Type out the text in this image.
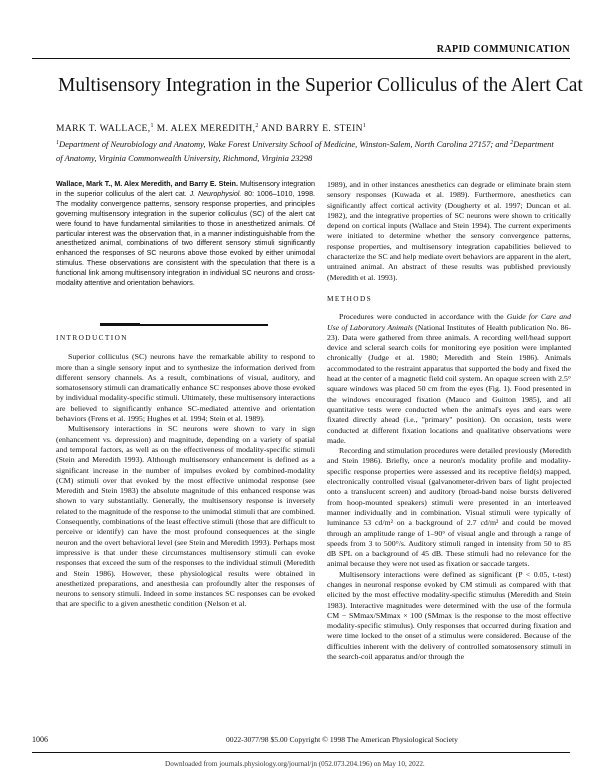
RAPID COMMUNICATION
Multisensory Integration in the Superior Colliculus of the Alert Cat
MARK T. WALLACE,$^1$ M. ALEX MEREDITH,$^2$ AND BARRY E. STEIN$^1$
$^1$Department of Neurobiology and Anatomy, Wake Forest University School of Medicine, Winston-Salem, North Carolina 27157; and $^2$Department of Anatomy, Virginia Commonwealth University, Richmond, Virginia 23298

Wallace, Mark T., M. Alex Meredith, and Barry E. Stein. Multisensory integration in the superior colliculus of the alert cat. J. Neurophysiol. 80: 1006–1010, 1998. The modality convergence patterns, sensory response properties, and principles governing multisensory integration in the superior colliculus (SC) of the alert cat were found to have fundamental similarities to those in anesthetized animals. Of particular interest was the observation that, in a manner indistinguishable from the anesthetized animal, combinations of two different sensory stimuli significantly enhanced the responses of SC neurons above those evoked by either unimodal stimulus. These observations are consistent with the speculation that there is a functional link among multisensory integration in individual SC neurons and cross-modality attentive and orientation behaviors.

INTRODUCTION

Superior colliculus (SC) neurons have the remarkable ability to respond to more than a single sensory input and to synthesize the information derived from different sensory channels. As a result, combinations of visual, auditory, and somatosensory stimuli can dramatically enhance SC responses above those evoked by individual modality-specific stimuli. Ultimately, these multisensory interactions are believed to significantly enhance SC-mediated attentive and orientation behaviors (Frens et al. 1995; Hughes et al. 1994; Stein et al. 1989).

Multisensory interactions in SC neurons were shown to vary in sign (enhancement vs. depression) and magnitude, depending on a variety of spatial and temporal factors, as well as on the effectiveness of modality-specific stimuli (Stein and Meredith 1993). Although multisensory enhancement is defined as a significant increase in the number of impulses evoked by combined-modality (CM) stimuli over that evoked by the most effective unimodal response (see Meredith and Stein 1983) the absolute magnitude of this enhanced response was shown to vary substantially. Generally, the multisensory response is inversely related to the magnitude of the response to the unimodal stimuli that are combined. Consequently, combinations of the least effective stimuli (those that are difficult to perceive or identify) can have the most profound consequences at the single neuron and the overt behavioral level (see Stein and Meredith 1993). Perhaps most impressive is that under these circumstances multisensory stimuli can evoke responses that exceed the sum of the responses to the individual stimuli (Meredith and Stein 1986). However, these physiological results were obtained in anesthetized preparations, and anesthesia can profoundly alter the responses of neurons to sensory stimuli. Indeed in some instances SC responses can be evoked that are specific to a given anesthetic condition (Nelson et al.

1989), and in other instances anesthetics can degrade or eliminate brain stem sensory responses (Kuwada et al. 1989). Furthermore, anesthetics can significantly affect cortical activity (Dougherty et al. 1997; Duncan et al. 1982), and the integrative properties of SC neurons were shown to critically depend on cortical inputs (Wallace and Stein 1994). The current experiments were initiated to determine whether the sensory convergence patterns, response properties, and multisensory integration capabilities believed to characterize the SC and help mediate overt behaviors are apparent in the alert, untrained animal. An abstract of these results was published previously (Meredith et al. 1993).

METHODS

Procedures were conducted in accordance with the Guide for Care and Use of Laboratory Animals (National Institutes of Health publication No. 86-23). Data were gathered from three animals. A recording well/head support device and scleral search coils for monitoring eye position were implanted chronically (Judge et al. 1980; Meredith and Stein 1986). Animals accommodated to the restraint apparatus that supported the body and fixed the head at the center of a magnetic field coil system. An opaque screen with 2.5° square windows was placed 50 cm from the eyes (Fig. 1). Food presented in the windows encouraged fixation (Mauco and Guitton 1985), and all quantitative tests were conducted when the animal's eyes and ears were fixated directly ahead (i.e., ''primary'' position). On occasion, tests were conducted at different fixation locations and qualitative observations were made.

Recording and stimulation procedures were detailed previously (Meredith and Stein 1986). Briefly, once a neuron's modality profile and modality-specific response properties were assessed and its receptive field(s) mapped, electronically controlled visual (galvanometer-driven bars of light projected onto a translucent screen) and auditory (broad-band noise bursts delivered from hoop-mounted speakers) stimuli were presented in an interleaved manner individually and in combination. Visual stimuli were typically of luminance 53 cd/m² on a background of 2.7 cd/m² and could be moved through an amplitude range of 1–90° of visual angle and through a range of speeds from 3 to 500°/s. Auditory stimuli ranged in intensity from 50 to 85 dB SPL on a background of 45 dB. These stimuli had no relevance for the animal because they were not used as fixation or saccade targets.

Multisensory interactions were defined as significant (P < 0.05, t-test) changes in neuronal response evoked by CM stimuli as compared with that elicited by the most effective modality-specific stimulus (Meredith and Stein 1983). Interactive magnitudes were determined with the use of the formula CM − SMmax/SMmax × 100 (SMmax is the response to the most effective modality-specific stimulus). Only responses that occurred during fixation and were time locked to the onset of a stimulus were considered. Because of the difficulties inherent with the delivery of controlled somatosensory stimuli in the search-coil apparatus and/or through the

1006	0022-3077/98 $5.00 Copyright © 1998 The American Physiological Society
Downloaded from journals.physiology.org/journal/jn (052.073.204.196) on May 10, 2022.
